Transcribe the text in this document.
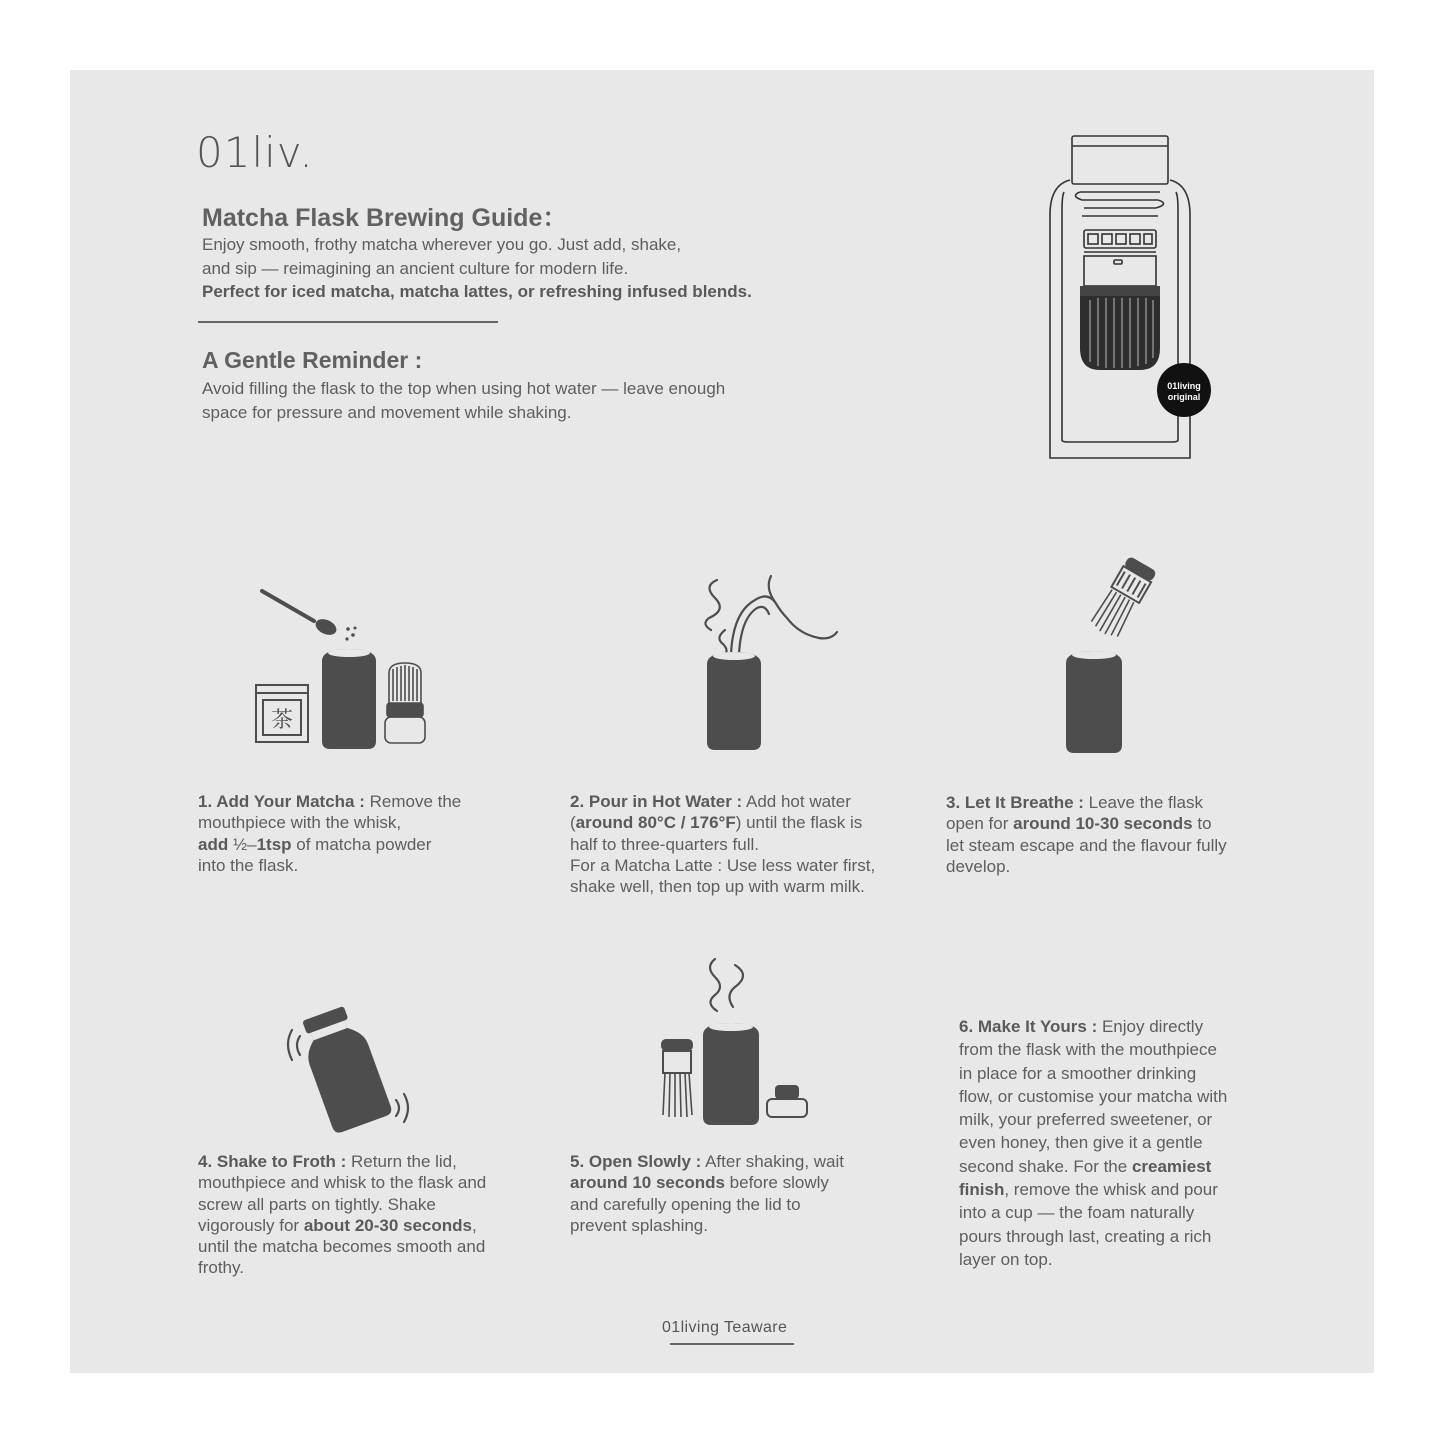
01liv.
Matcha Flask Brewing Guide：
Enjoy smooth, frothy matcha wherever you go. Just add, shake,
and sip — reimagining an ancient culture for modern life.
Perfect for iced matcha, matcha lattes, or refreshing infused blends.
A Gentle Reminder :
Avoid filling the flask to the top when using hot water — leave enough
space for pressure and movement while shaking.
01living
original
茶
1. Add Your Matcha : Remove the
mouthpiece with the whisk,
add ½–1tsp of matcha powder
into the flask.
2. Pour in Hot Water : Add hot water
(around 80°C / 176°F) until the flask is
half to three-quarters full.
For a Matcha Latte : Use less water first,
shake well, then top up with warm milk.
3. Let It Breathe : Leave the flask
open for around 10-30 seconds to
let steam escape and the flavour fully
develop.
4. Shake to Froth : Return the lid,
mouthpiece and whisk to the flask and
screw all parts on tightly. Shake
vigorously for about 20-30 seconds,
until the matcha becomes smooth and
frothy.
5. Open Slowly : After shaking, wait
around 10 seconds before slowly
and carefully opening the lid to
prevent splashing.
6. Make It Yours : Enjoy directly
from the flask with the mouthpiece
in place for a smoother drinking
flow, or customise your matcha with
milk, your preferred sweetener, or
even honey, then give it a gentle
second shake. For the creamiest
finish, remove the whisk and pour
into a cup — the foam naturally
pours through last, creating a rich
layer on top.
01living Teaware
